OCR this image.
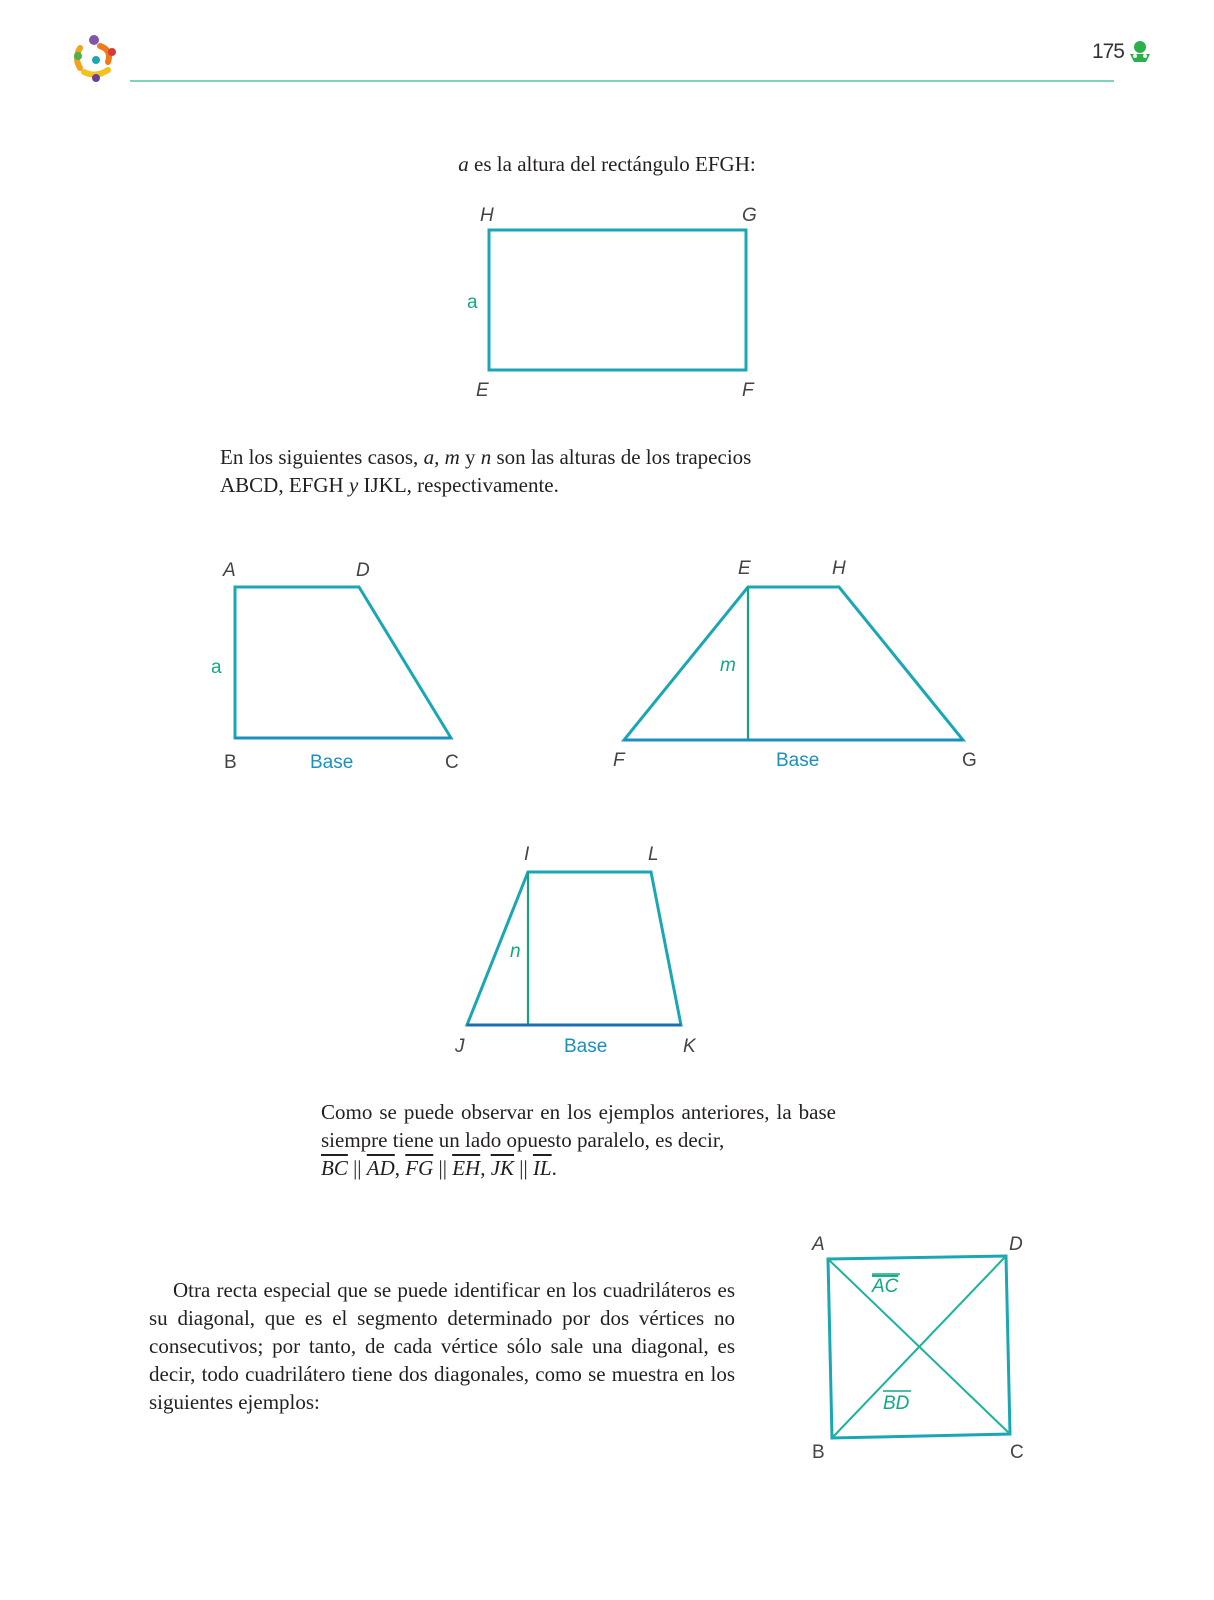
175
a es la altura del rectángulo EFGH:
En los siguientes casos, a, m y n son las alturas de los trapecios
ABCD, EFGH y IJKL, respectivamente.
Como se puede observar en los ejemplos anteriores, la base siempre tiene un lado opuesto paralelo, es decir,
$\overline{BC}$ || $\overline{AD}$, $\overline{FG}$ || $\overline{EH}$, $\overline{JK}$ || $\overline{IL}$.
Otra recta especial que se puede identificar en los cuadriláteros es su diagonal, que es el segmento determinado por dos vértices no consecutivos; por tanto, de cada vértice sólo sale una diagonal, es decir, todo cuadrilátero tiene dos diagonales, como se muestra en los siguientes ejemplos:
H	G
E	F
a
A	D
B	C
a
Base
E	H
F	G
m
Base
I	L
J	K
n
Base
A	D
B	C
AC
BD
